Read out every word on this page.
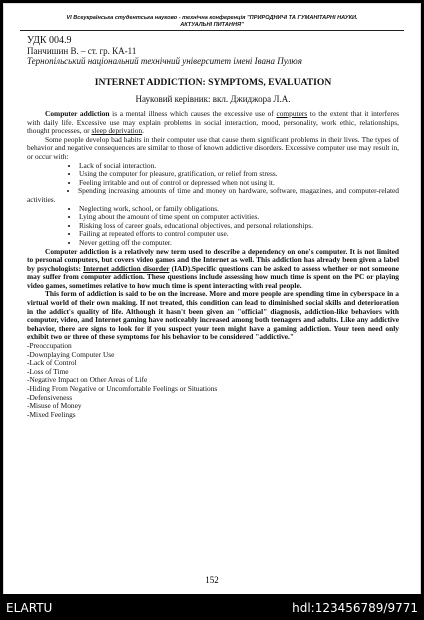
VI Всеукраїнська студентська науково - технічна конференція "ПРИРОДНИЧІ ТА ГУМАНІТАРНІ НАУКИ.
АКТУАЛЬНІ ПИТАННЯ"
УДК 004.9
Панчишин В. – ст. гр. КА-11
Тернопільський національний технічний університет імені Івана Пулюя
INTERNET ADDICTION: SYMPTOMS, EVALUATION
Науковий керівник: вкл. Джиджора Л.А.

Computer addiction is a mental illness which causes the excessive use of computers to the extent that it interferes with daily life. Excessive use may explain problems in social interaction, mood, personality, work ethic, relationships, thought processes, or sleep deprivation.

Some people develop bad habits in their computer use that cause them significant problems in their lives. The types of behavior and negative consequences are similar to those of known addictive disorders. Excessive computer use may result in, or occur with:

• Lack of social interaction.
• Using the computer for pleasure, gratification, or relief from stress.
• Feeling irritable and out of control or depressed when not using it.
• Spending increasing amounts of time and money on hardware, software, magazines, and computer-related activities.
• Neglecting work, school, or family obligations.
• Lying about the amount of time spent on computer activities.
• Risking loss of career goals, educational objectives, and personal relationships.
• Failing at repeated efforts to control computer use.
• Never getting off the computer.

Computer addiction is a relatively new term used to describe a dependency on one's computer. It is not limited to personal computers, but covers video games and the Internet as well. This addiction has already been given a label by psychologists: Internet addiction disorder (IAD).Specific questions can be asked to assess whether or not someone may suffer from computer addiction. These questions include assessing how much time is spent on the PC or playing video games, sometimes relative to how much time is spent interacting with real people.

This form of addiction is said to be on the increase. More and more people are spending time in cyberspace in a virtual world of their own making. If not treated, this condition can lead to diminished social skills and deterioration in the addict's quality of life. Although it hasn't been given an "official" diagnosis, addiction-like behaviors with computer, video, and Internet gaming have noticeably increased among both teenagers and adults. Like any addictive behavior, there are signs to look for if you suspect your teen might have a gaming addiction. Your teen need only exhibit two or three of these symptoms for his behavior to be considered "addictive."

-Preoccupation
-Downplaying Computer Use
-Lack of Control
-Loss of Time
-Negative Impact on Other Areas of Life
-Hiding From Negative or Uncomfortable Feelings or Situations
-Defensiveness
-Misuse of Money
-Mixed Feelings
152
ELARTU	hdl:123456789/9771
